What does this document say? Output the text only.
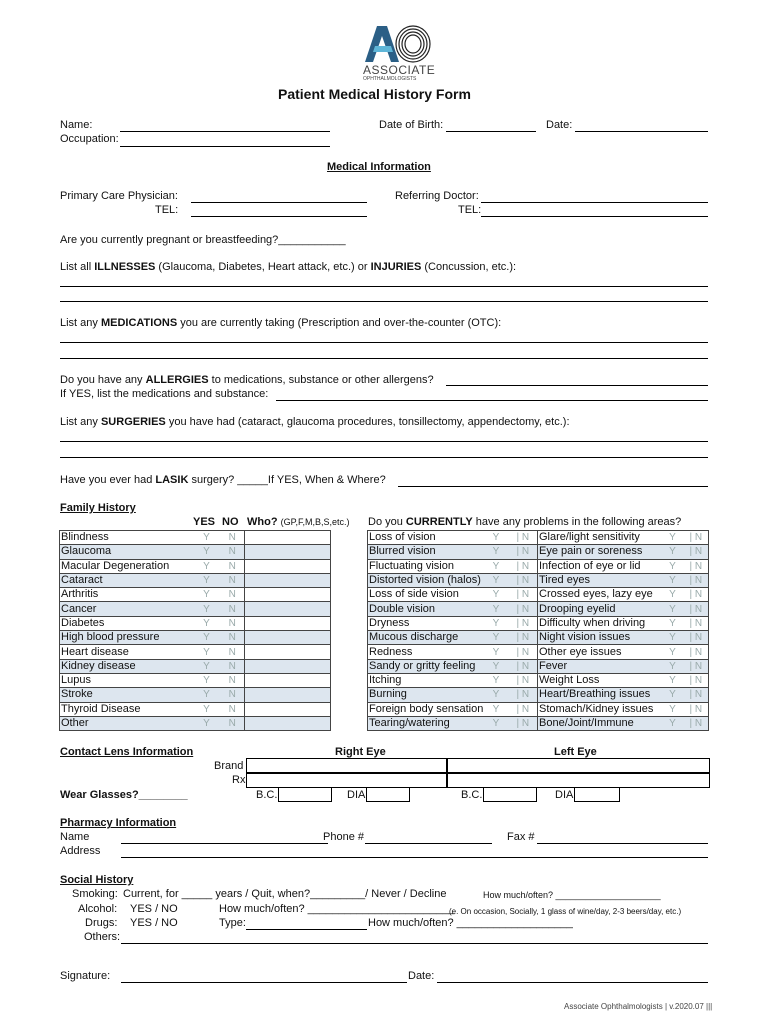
ASSOCIATE
OPHTHALMOLOGISTS
Patient Medical History Form
Name:
Occupation:
Date of Birth:	Date:
Medical Information
Primary Care Physician:
TEL:
Referring Doctor:
TEL:
Are you currently pregnant or breastfeeding?___________
List all ILLNESSES (Glaucoma, Diabetes, Heart attack, etc.) or INJURIES (Concussion, etc.):
List any MEDICATIONS you are currently taking (Prescription and over-the-counter (OTC):
Do you have any ALLERGIES to medications, substance or other allergens?
If YES, list the medications and substance:
List any SURGERIES you have had (cataract, glaucoma procedures, tonsillectomy, appendectomy, etc.):
Have you ever had LASIK surgery? _____If YES, When & Where?
Family History
YES NO Who? (GP,F,M,B,S,etc.)
Blindness	Y	N	
Glaucoma	Y	N	
Macular Degeneration	Y	N	
Cataract	Y	N	
Arthritis	Y	N	
Cancer	Y	N	
Diabetes	Y	N	
High blood pressure	Y	N	
Heart disease	Y	N	
Kidney disease	Y	N	
Lupus	Y	N	
Stroke	Y	N	
Thyroid Disease	Y	N	
Other	Y	N	
Do you CURRENTLY have any problems in the following areas?
Loss of vision	Y	| N	Glare/light sensitivity	Y	| N
Blurred vision	Y	| N	Eye pain or soreness	Y	| N
Fluctuating vision	Y	| N	Infection of eye or lid	Y	| N
Distorted vision (halos)	Y	| N	Tired eyes	Y	| N
Loss of side vision	Y	| N	Crossed eyes, lazy eye	Y	| N
Double vision	Y	| N	Drooping eyelid	Y	| N
Dryness	Y	| N	Difficulty when driving	Y	| N
Mucous discharge	Y	| N	Night vision issues	Y	| N
Redness	Y	| N	Other eye issues	Y	| N
Sandy or gritty feeling	Y	| N	Fever	Y	| N
Itching	Y	| N	Weight Loss	Y	| N
Burning	Y	| N	Heart/Breathing issues	Y	| N
Foreign body sensation	Y	| N	Stomach/Kidney issues	Y	| N
Tearing/watering	Y	| N	Bone/Joint/Immune	Y	| N
Contact Lens Information	Right Eye	Left Eye
Brand
Rx
Wear Glasses?________	B.C.	DIA	B.C.	DIA
Pharmacy Information
Name	Phone #	Fax #
Address
Social History
Smoking: Current, for _____ years / Quit, when?_________/ Never / Decline	How much/often? _____________________
Alcohol: YES / NO	How much/often? ________________________
(e. On occasion, Socially, 1 glass of wine/day, 2-3 beers/day, etc.)
Drugs: YES / NO	Type:	How much/often? ___________________
Others:
Signature:	Date:
Associate Ophthalmologists | v.2020.07 |||
